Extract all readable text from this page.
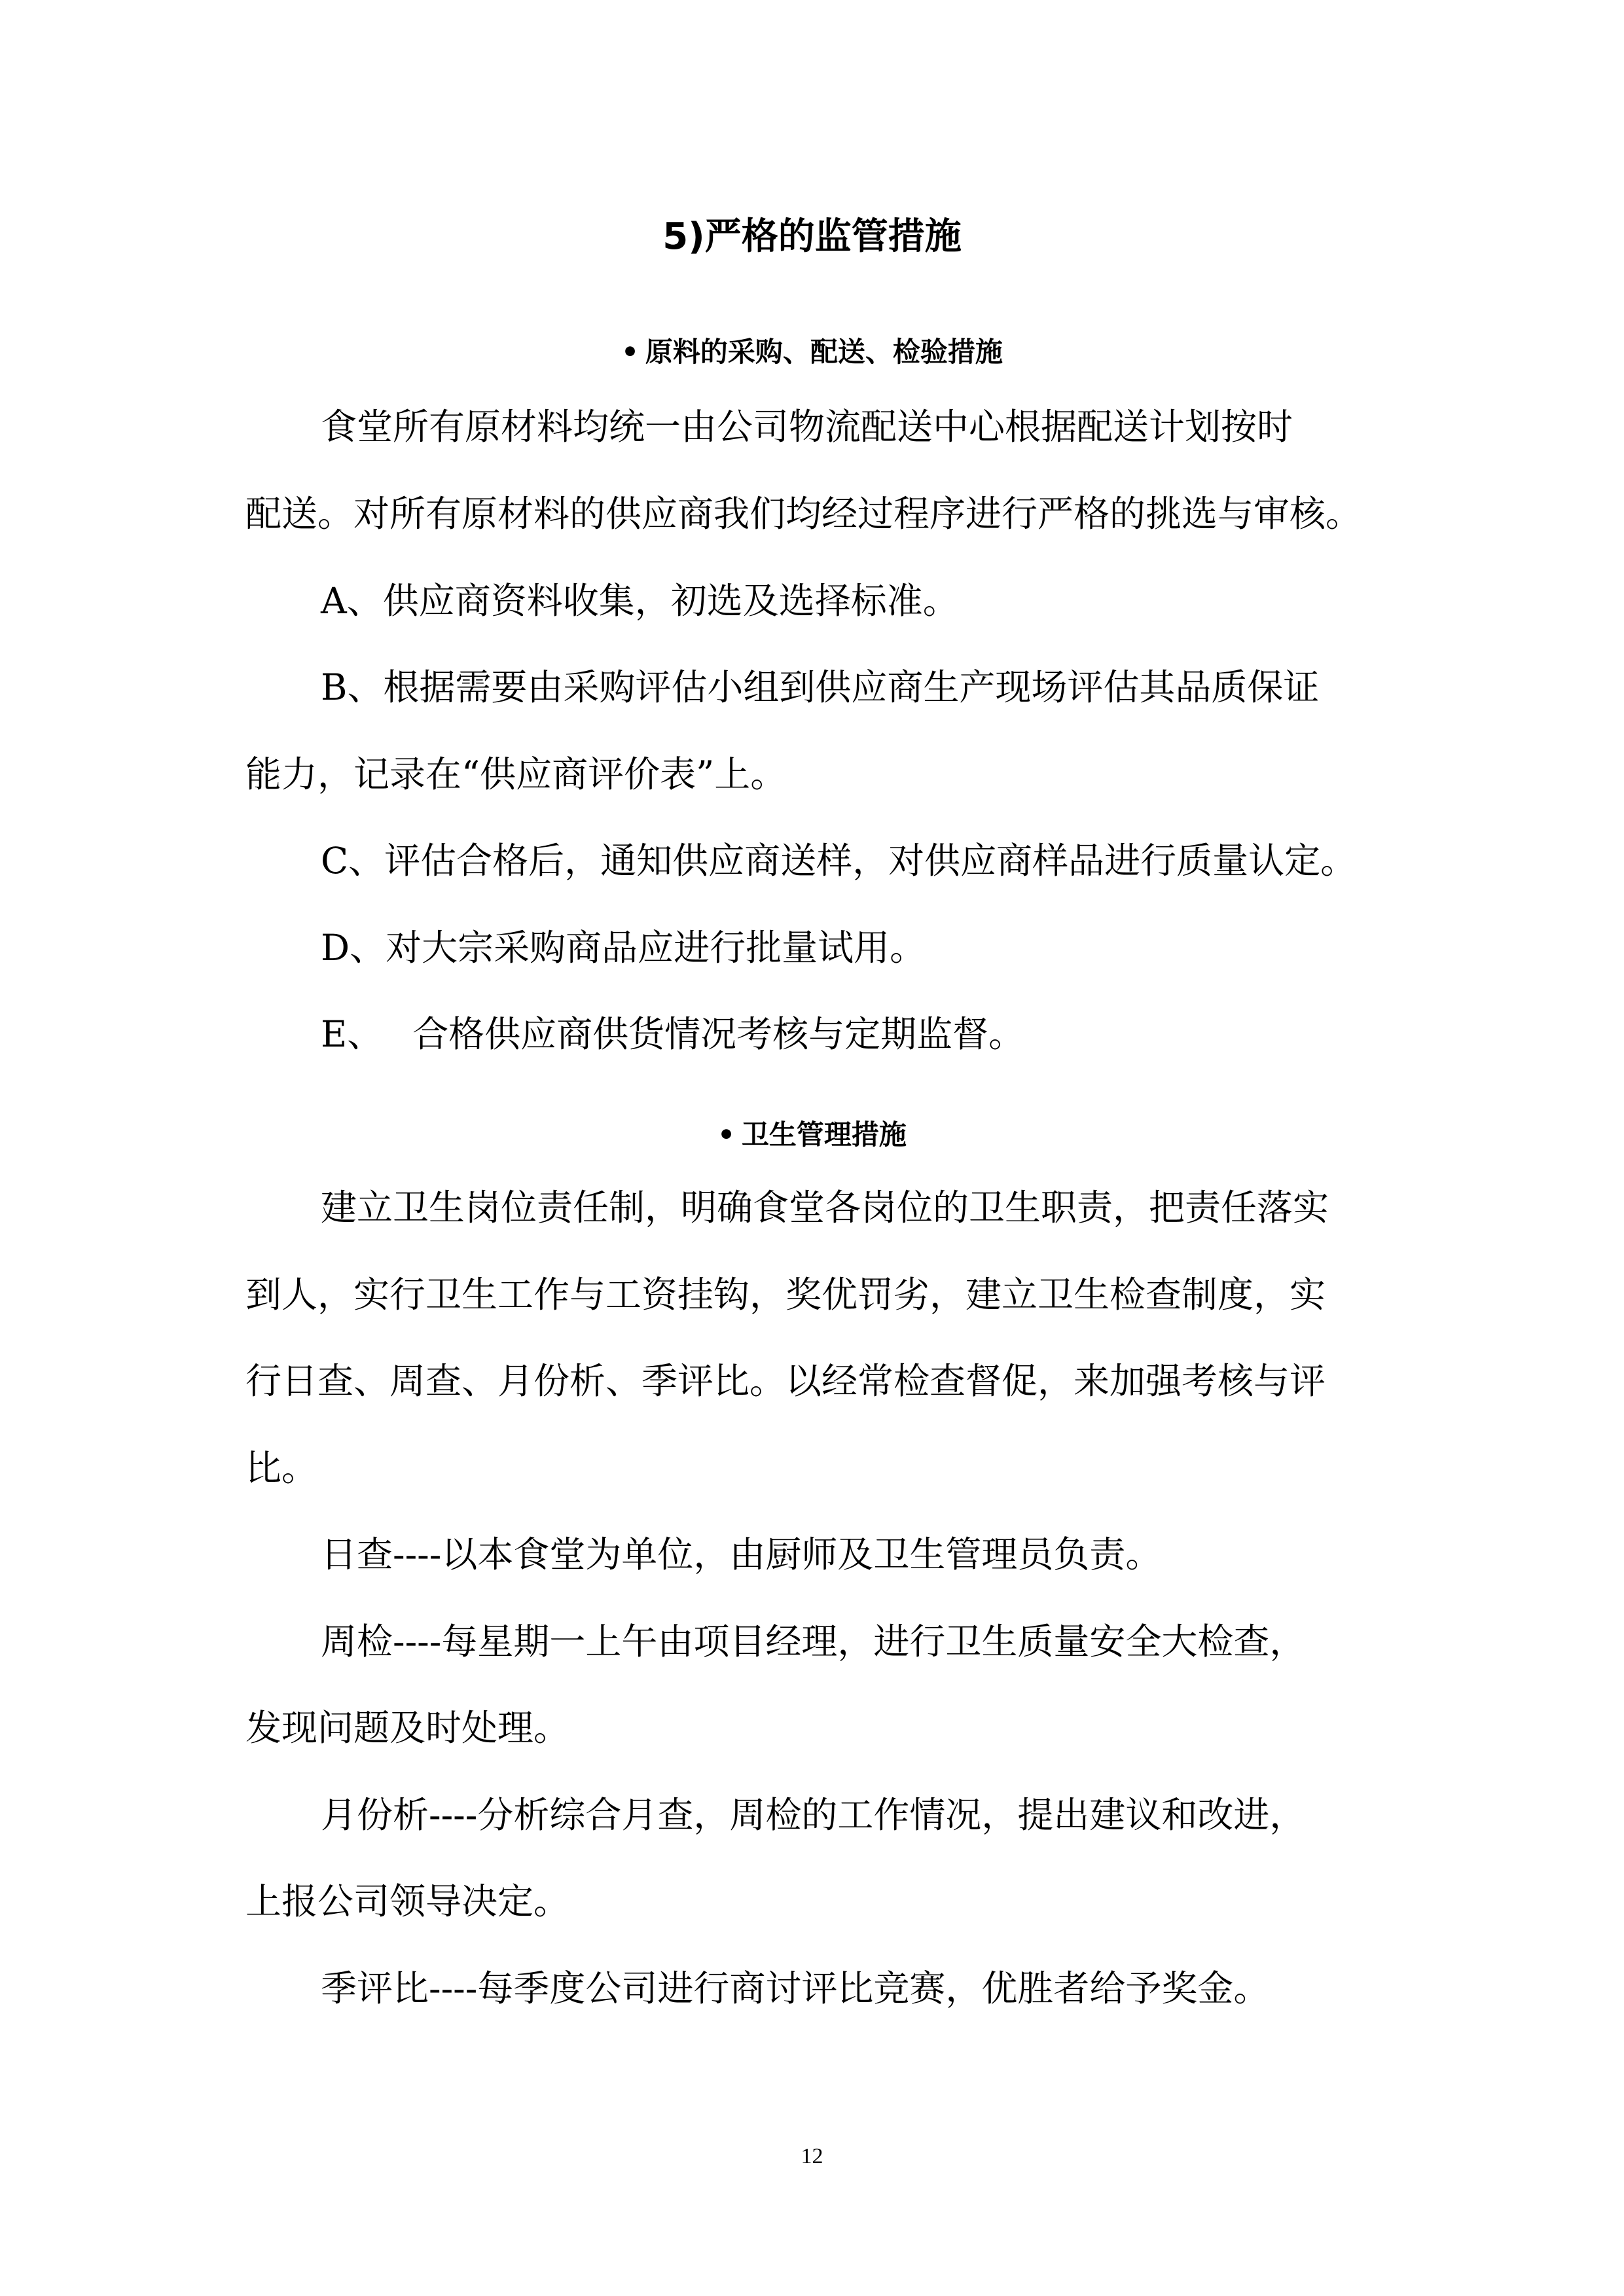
5)严格的监管措施
• 原料的采购、配送、检验措施
食堂所有原材料均统一由公司物流配送中心根据配送计划按时
配送。对所有原材料的供应商我们均经过程序进行严格的挑选与审核。
A、供应商资料收集，初选及选择标准。
B、根据需要由采购评估小组到供应商生产现场评估其品质保证
能力，记录在“供应商评价表”上。
C、评估合格后，通知供应商送样，对供应商样品进行质量认定。
D、对大宗采购商品应进行批量试用。
E、　 合格供应商供货情况考核与定期监督。
• 卫生管理措施
建立卫生岗位责任制，明确食堂各岗位的卫生职责，把责任落实
到人，实行卫生工作与工资挂钩，奖优罚劣，建立卫生检查制度，实
行日查、周查、月份析、季评比。以经常检查督促，来加强考核与评
比。
日查----以本食堂为单位，由厨师及卫生管理员负责。
周检----每星期一上午由项目经理，进行卫生质量安全大检查，
发现问题及时处理。
月份析----分析综合月查，周检的工作情况，提出建议和改进，
上报公司领导决定。
季评比----每季度公司进行商讨评比竞赛，优胜者给予奖金。
12
